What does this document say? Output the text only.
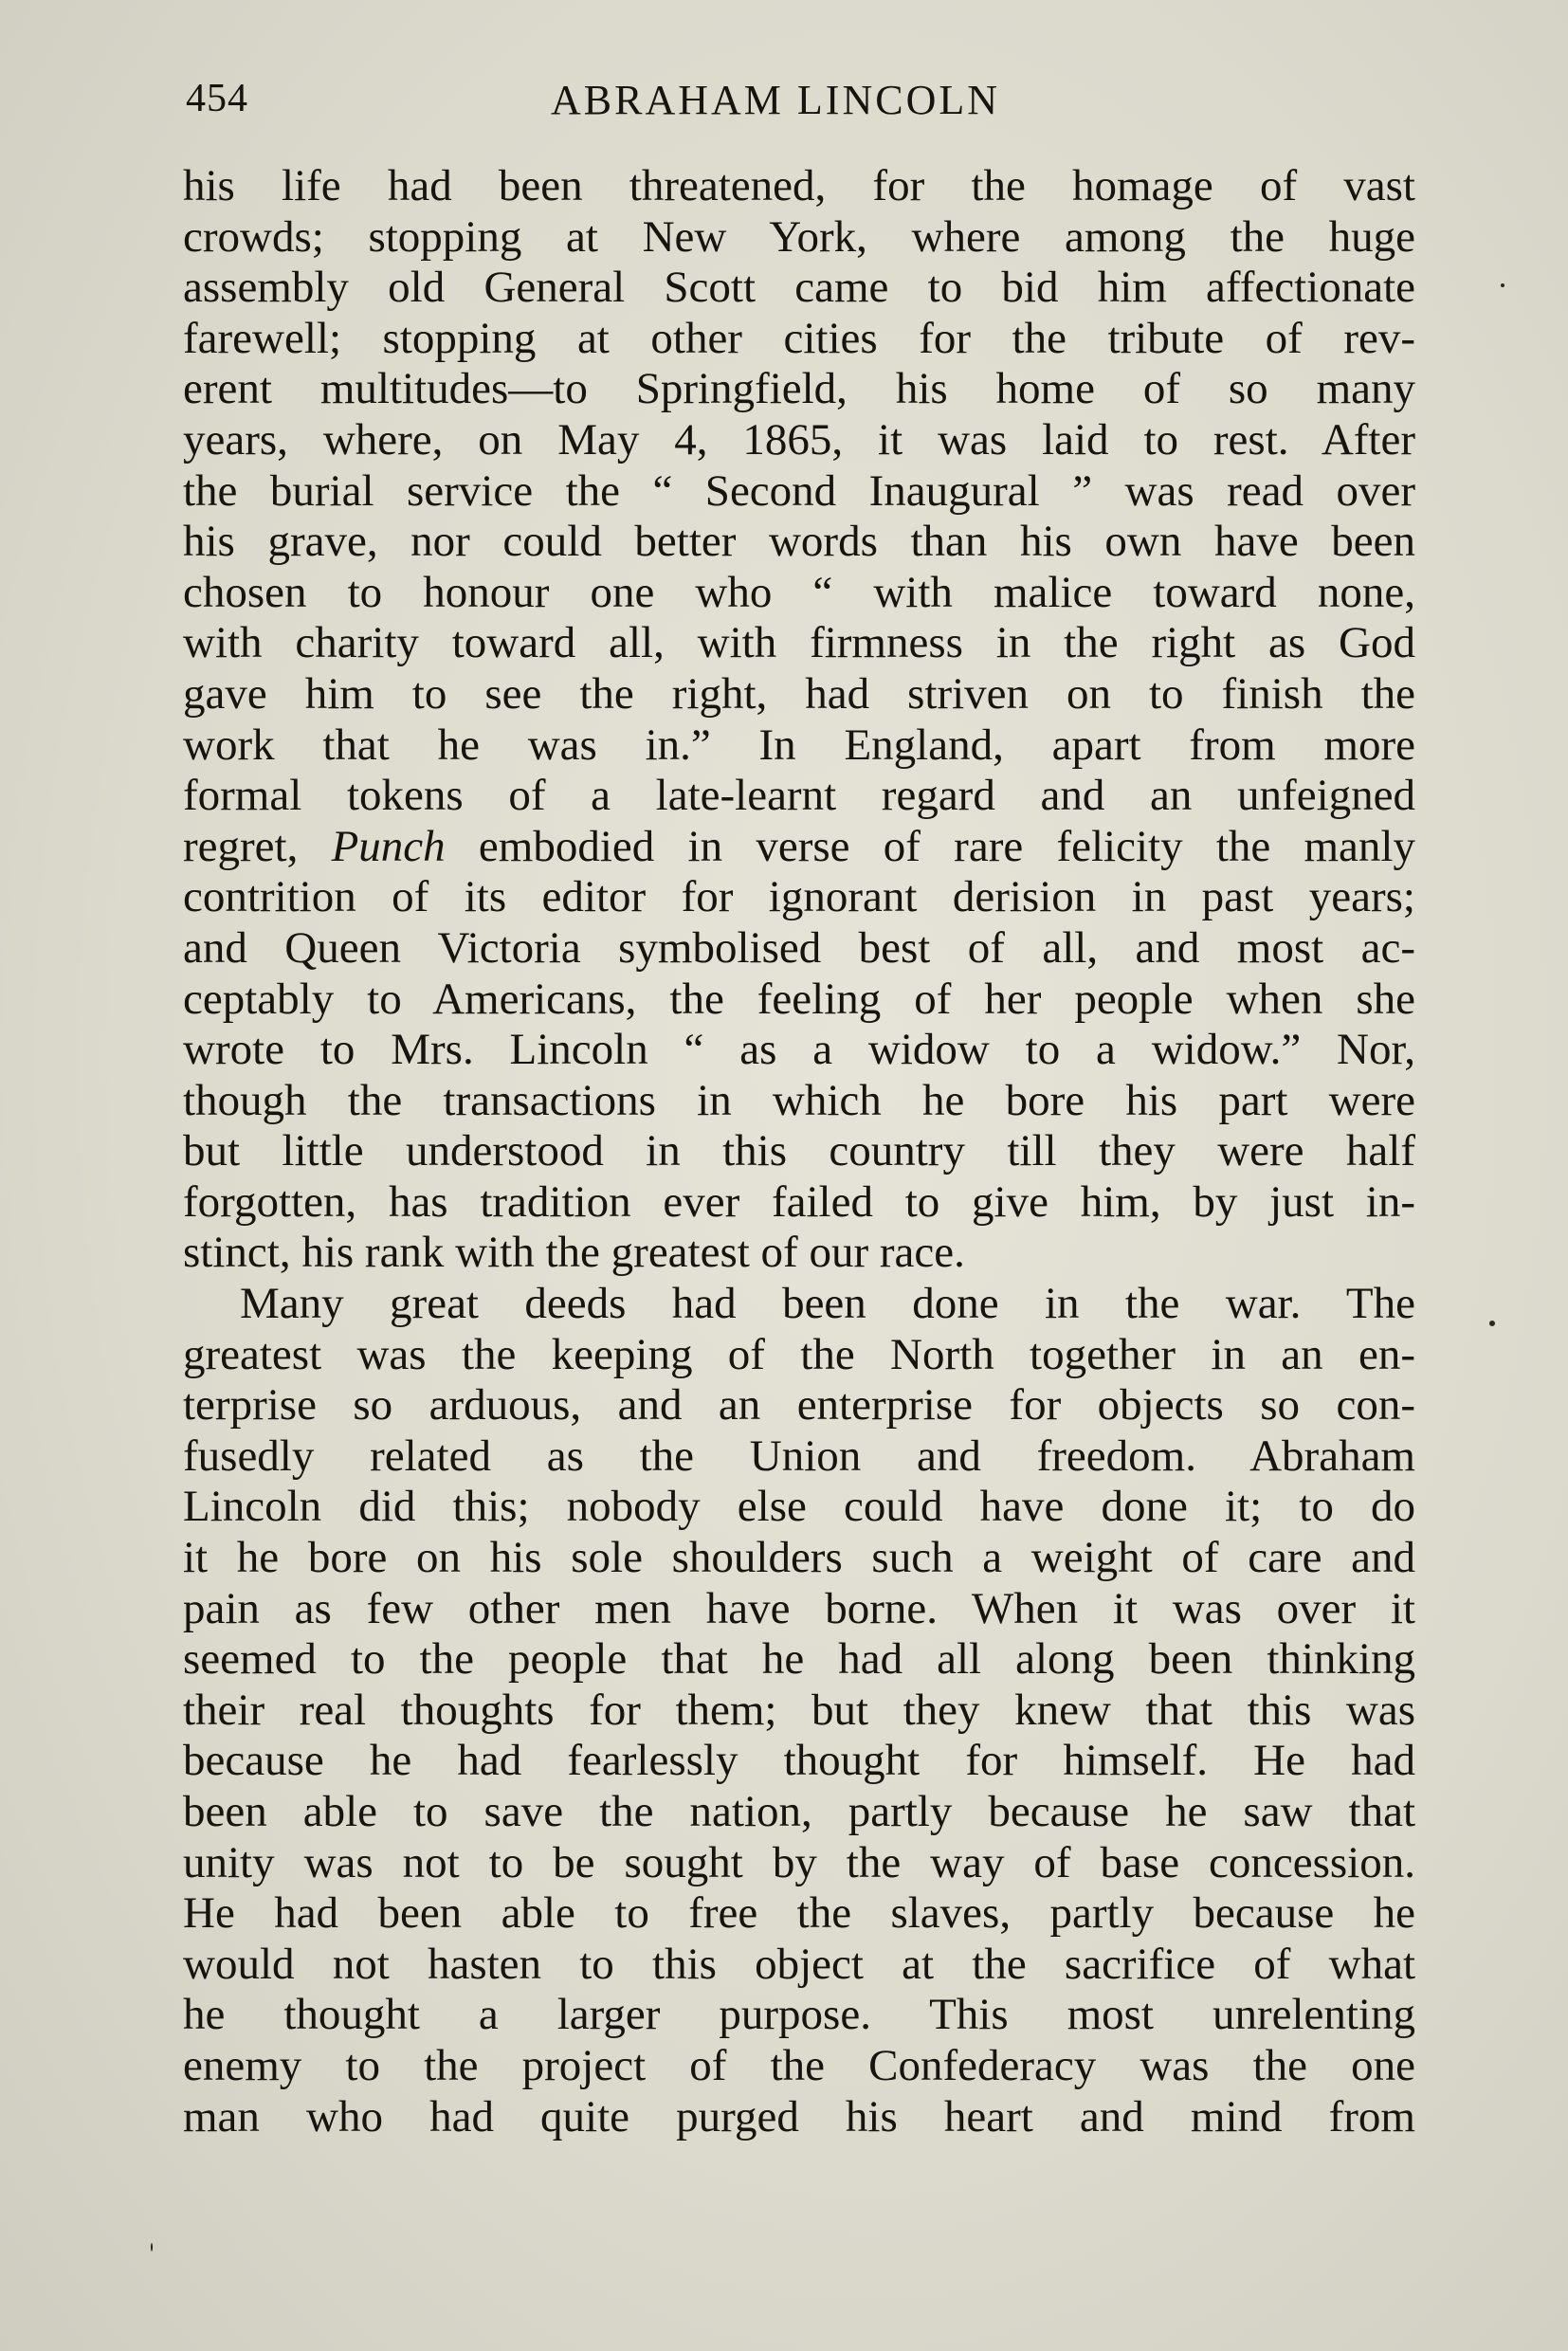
454	ABRAHAM LINCOLN
his life had been threatened, for the homage of vast
crowds; stopping at New York, where among the huge
assembly old General Scott came to bid him affectionate
farewell; stopping at other cities for the tribute of rev-
erent multitudes—to Springfield, his home of so many
years, where, on May 4, 1865, it was laid to rest. After
the burial service the “ Second Inaugural ” was read over
his grave, nor could better words than his own have been
chosen to honour one who “ with malice toward none,
with charity toward all, with firmness in the right as God
gave him to see the right, had striven on to finish the
work that he was in.” In England, apart from more
formal tokens of a late-learnt regard and an unfeigned
regret, Punch embodied in verse of rare felicity the manly
contrition of its editor for ignorant derision in past years;
and Queen Victoria symbolised best of all, and most ac-
ceptably to Americans, the feeling of her people when she
wrote to Mrs. Lincoln “ as a widow to a widow.” Nor,
though the transactions in which he bore his part were
but little understood in this country till they were half
forgotten, has tradition ever failed to give him, by just in-
stinct, his rank with the greatest of our race.
Many great deeds had been done in the war. The
greatest was the keeping of the North together in an en-
terprise so arduous, and an enterprise for objects so con-
fusedly related as the Union and freedom. Abraham
Lincoln did this; nobody else could have done it; to do
it he bore on his sole shoulders such a weight of care and
pain as few other men have borne. When it was over it
seemed to the people that he had all along been thinking
their real thoughts for them; but they knew that this was
because he had fearlessly thought for himself. He had
been able to save the nation, partly because he saw that
unity was not to be sought by the way of base concession.
He had been able to free the slaves, partly because he
would not hasten to this object at the sacrifice of what
he thought a larger purpose. This most unrelenting
enemy to the project of the Confederacy was the one
man who had quite purged his heart and mind from
